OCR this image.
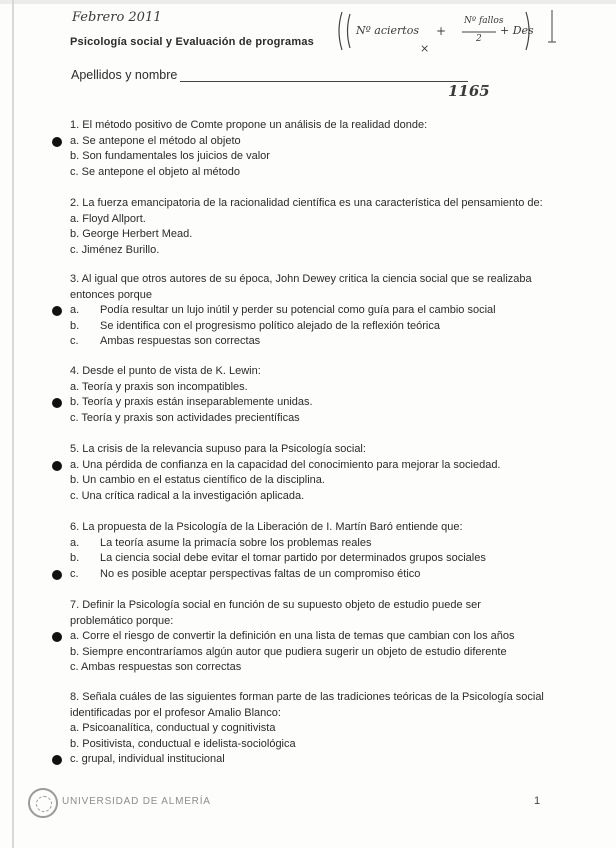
Febrero 2011
Psicología social y Evaluación de programas
Nº aciertos +
Nº fallos
2
+ Des
×
Apellidos y nombre
1165

1. El método positivo de Comte propone un análisis de la realidad donde:

a. Se antepone el método al objeto
b. Son fundamentales los juicios de valor
c. Se antepone el objeto al método

2. La fuerza emancipatoria de la racionalidad científica es una característica del pensamiento de:

a. Floyd Allport.
b. George Herbert Mead.
c. Jiménez Burillo.

3. Al igual que otros autores de su época, John Dewey critica la ciencia social que se realizaba

entonces porque

a. Podía resultar un lujo inútil y perder su potencial como guía para el cambio social
b. Se identifica con el progresismo político alejado de la reflexión teórica
c. Ambas respuestas son correctas

4. Desde el punto de vista de K. Lewin:

a. Teoría y praxis son incompatibles.
b. Teoría y praxis están inseparablemente unidas.
c. Teoría y praxis son actividades precientíficas

5. La crisis de la relevancia supuso para la Psicología social:

a. Una pérdida de confianza en la capacidad del conocimiento para mejorar la sociedad.
b. Un cambio en el estatus científico de la disciplina.
c. Una crítica radical a la investigación aplicada.

6. La propuesta de la Psicología de la Liberación de I. Martín Baró entiende que:

a. La teoría asume la primacía sobre los problemas reales
b. La ciencia social debe evitar el tomar partido por determinados grupos sociales
c. No es posible aceptar perspectivas faltas de un compromiso ético

7. Definir la Psicología social en función de su supuesto objeto de estudio puede ser

problemático porque:

a. Corre el riesgo de convertir la definición en una lista de temas que cambian con los años
b. Siempre encontraríamos algún autor que pudiera sugerir un objeto de estudio diferente
c. Ambas respuestas son correctas

8. Señala cuáles de las siguientes forman parte de las tradiciones teóricas de la Psicología social

identificadas por el profesor Amalio Blanco:

a. Psicoanalítica, conductual y cognitivista
b. Positivista, conductual e idelista-sociológica
c. grupal, individual institucional
UNIVERSIDAD DE ALMERÍA	1
